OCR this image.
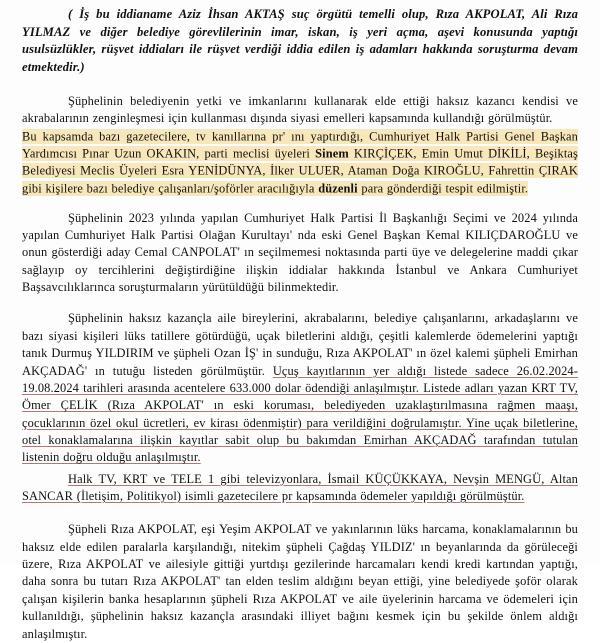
( İş bu iddianame Aziz İhsan AKTAŞ suç örgütü temelli olup, Rıza AKPOLAT, Ali Rıza YILMAZ ve diğer belediye görevlilerinin imar, iskan, iş yeri açma, aşevi konusunda yaptığı usulsüzlükler, rüşvet iddiaları ile rüşvet verdiği iddia edilen iş adamları hakkında soruşturma devam etmektedir.)

Şüphelinin belediyenin yetki ve imkanlarını kullanarak elde ettiği haksız kazancı kendisi ve akrabalarının zenginleşmesi için kullanması dışında siyasi emelleri kapsamında kullandığı görülmüştür.

Bu kapsamda bazı gazetecilere, tv kanıllarına pr' ını yaptırdığı, Cumhuriyet Halk Partisi Genel Başkan Yardımcısı Pınar Uzun OKAKIN, parti meclisi üyeleri Sinem KIRÇİÇEK, Emin Umut DİKİLİ, Beşiktaş Belediyesi Meclis Üyeleri Esra YENİDÜNYA, İlker ULUER, Ataman Doğa KIROĞLU, Fahrettin ÇIRAK gibi kişilere bazı belediye çalışanları/şoförler aracılığıyla düzenli para gönderdiği tespit edilmiştir.

Şüphelinin 2023 yılında yapılan Cumhuriyet Halk Partisi İl Başkanlığı Seçimi ve 2024 yılında yapılan Cumhuriyet Halk Partisi Olağan Kurultayı' nda eski Genel Başkan Kemal KILIÇDAROĞLU ve onun gösterdiği aday Cemal CANPOLAT' ın seçilmemesi noktasında parti üye ve delegelerine maddi çıkar sağlayıp oy tercihlerini değiştirdiğine ilişkin iddialar hakkında İstanbul ve Ankara Cumhuriyet Başsavcılıklarınca soruşturmaların yürütüldüğü bilinmektedir.

Şüphelinin haksız kazançla aile bireylerini, akrabalarını, belediye çalışanlarını, arkadaşlarını ve bazı siyasi kişileri lüks tatillere götürdüğü, uçak biletlerini aldığı, çeşitli kalemlerde ödemelerini yaptığı tanık Durmuş YILDIRIM ve şüpheli Ozan İŞ' in sunduğu, Rıza AKPOLAT' ın özel kalemi şüpheli Emirhan AKÇADAĞ' ın tutuğu listeden görülmüştür. Uçuş kayıtlarının yer aldığı listede sadece 26.02.2024-19.08.2024 tarihleri arasında acentelere 633.000 dolar ödendiği anlaşılmıştır. Listede adları yazan KRT TV, Ömer ÇELİK (Rıza AKPOLAT' ın eski koruması, belediyeden uzaklaştırılmasına rağmen maaşı, çocuklarının özel okul ücretleri, ev kirası ödenmiştir) para verildiğini doğrulamıştır. Yine uçak biletlerine, otel konaklamalarına ilişkin kayıtlar sabit olup bu bakımdan Emirhan AKÇADAĞ tarafından tutulan listenin doğru olduğu anlaşılmıştır.

Halk TV, KRT ve TELE 1 gibi televizyonlara, İsmail KÜÇÜKKAYA, Nevşin MENGÜ, Altan SANCAR (İletişim, Politikyol) isimli gazetecilere pr kapsamında ödemeler yapıldığı görülmüştür.

Şüpheli Rıza AKPOLAT, eşi Yeşim AKPOLAT ve yakınlarının lüks harcama, konaklamalarının bu haksız elde edilen paralarla karşılandığı, nitekim şüpheli Çağdaş YILDIZ' ın beyanlarında da görüleceği üzere, Rıza AKPOLAT ve ailesiyle gittiği yurtdışı gezilerinde harcamaları kendi kredi kartından yaptığı, daha sonra bu tutarı Rıza AKPOLAT' tan elden teslim aldığını beyan ettiği, yine belediyede şoför olarak çalışan kişilerin banka hesaplarının şüpheli Rıza AKPOLAT ve aile üyelerinin harcama ve ödemeleri için kullanıldığı, şüphelinin haksız kazançla arasındaki illiyet bağını kesmek için bu şekilde önlem aldığı anlaşılmıştır.
